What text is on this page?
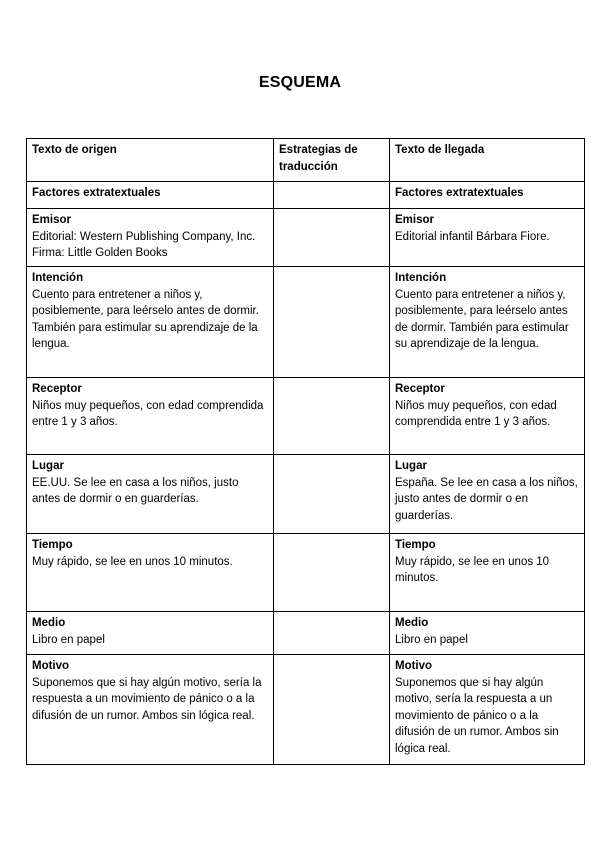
ESQUEMA
Texto de origen	Estrategias de traducción	Texto de llegada
Factores extratextuales		Factores extratextuales

Emisor
Editorial: Western Publishing Company, Inc.
Firma: Little Golden Books		Emisor
Editorial infantil Bárbara Fiore.

Intención
Cuento para entretener a niños y, posiblemente, para leérselo antes de dormir. También para estimular su aprendizaje de la lengua.		Intención
Cuento para entretener a niños y, posiblemente, para leérselo antes de dormir. También para estimular su aprendizaje de la lengua.

Receptor
Niños muy pequeños, con edad comprendida entre 1 y 3 años.		Receptor
Niños muy pequeños, con edad comprendida entre 1 y 3 años.

Lugar
EE.UU. Se lee en casa a los niños, justo antes de dormir o en guarderías.		Lugar
España. Se lee en casa a los niños, justo antes de dormir o en guarderías.

Tiempo
Muy rápido, se lee en unos 10 minutos.		Tiempo
Muy rápido, se lee en unos 10 minutos.

Medio
Libro en papel		Medio
Libro en papel

Motivo
Suponemos que si hay algún motivo, sería la respuesta a un movimiento de pánico o a la difusión de un rumor. Ambos sin lógica real.		Motivo
Suponemos que si hay algún motivo, sería la respuesta a un movimiento de pánico o a la difusión de un rumor. Ambos sin lógica real.
